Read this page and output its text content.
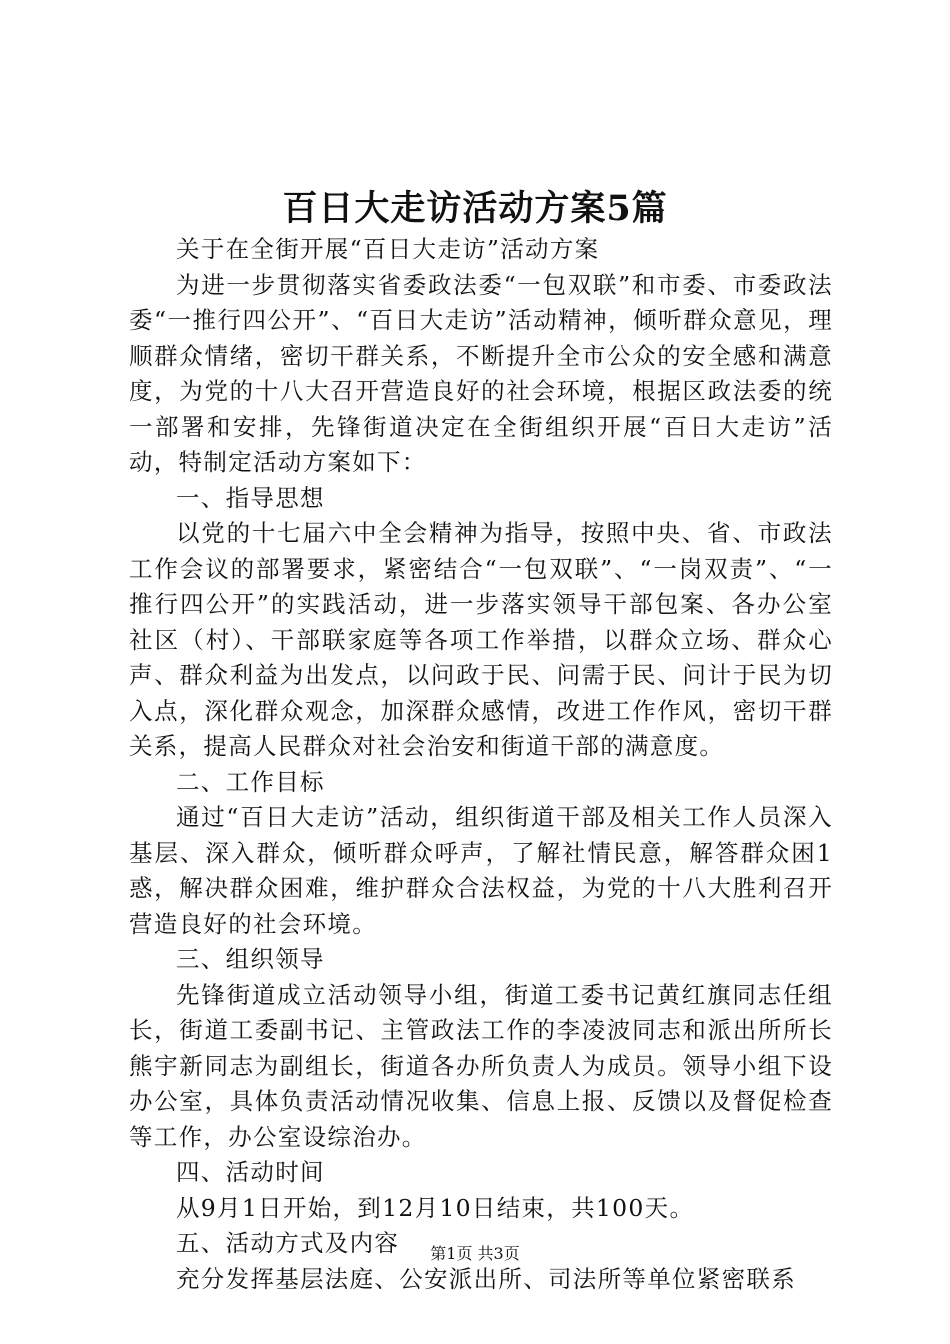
百日大走访活动方案5篇

关于在全街开展“百日大走访”活动方案

为进一步贯彻落实省委政法委“一包双联”和市委、市委政法委“一推行四公开”、“百日大走访”活动精神，倾听群众意见，理顺群众情绪，密切干群关系，不断提升全市公众的安全感和满意度，为党的十八大召开营造良好的社会环境，根据区政法委的统一部署和安排，先锋街道决定在全街组织开展“百日大走访”活动，特制定活动方案如下：

一、指导思想

以党的十七届六中全会精神为指导，按照中央、省、市政法工作会议的部署要求，紧密结合“一包双联”、“一岗双责”、“一推行四公开”的实践活动，进一步落实领导干部包案、各办公室社区（村）、干部联家庭等各项工作举措，以群众立场、群众心声、群众利益为出发点，以问政于民、问需于民、问计于民为切入点，深化群众观念，加深群众感情，改进工作作风，密切干群关系，提高人民群众对社会治安和街道干部的满意度。

二、工作目标

通过“百日大走访”活动，组织街道干部及相关工作人员深入基层、深入群众，倾听群众呼声，了解社情民意，解答群众困1惑，解决群众困难，维护群众合法权益，为党的十八大胜利召开营造良好的社会环境。

三、组织领导

先锋街道成立活动领导小组，街道工委书记黄红旗同志任组长，街道工委副书记、主管政法工作的李凌波同志和派出所所长熊宇新同志为副组长，街道各办所负责人为成员。领导小组下设办公室，具体负责活动情况收集、信息上报、反馈以及督促检查等工作，办公室设综治办。

四、活动时间

从9月1日开始，到12月10日结束，共100天。

五、活动方式及内容

充分发挥基层法庭、公安派出所、司法所等单位紧密联系

第1页 共3页
